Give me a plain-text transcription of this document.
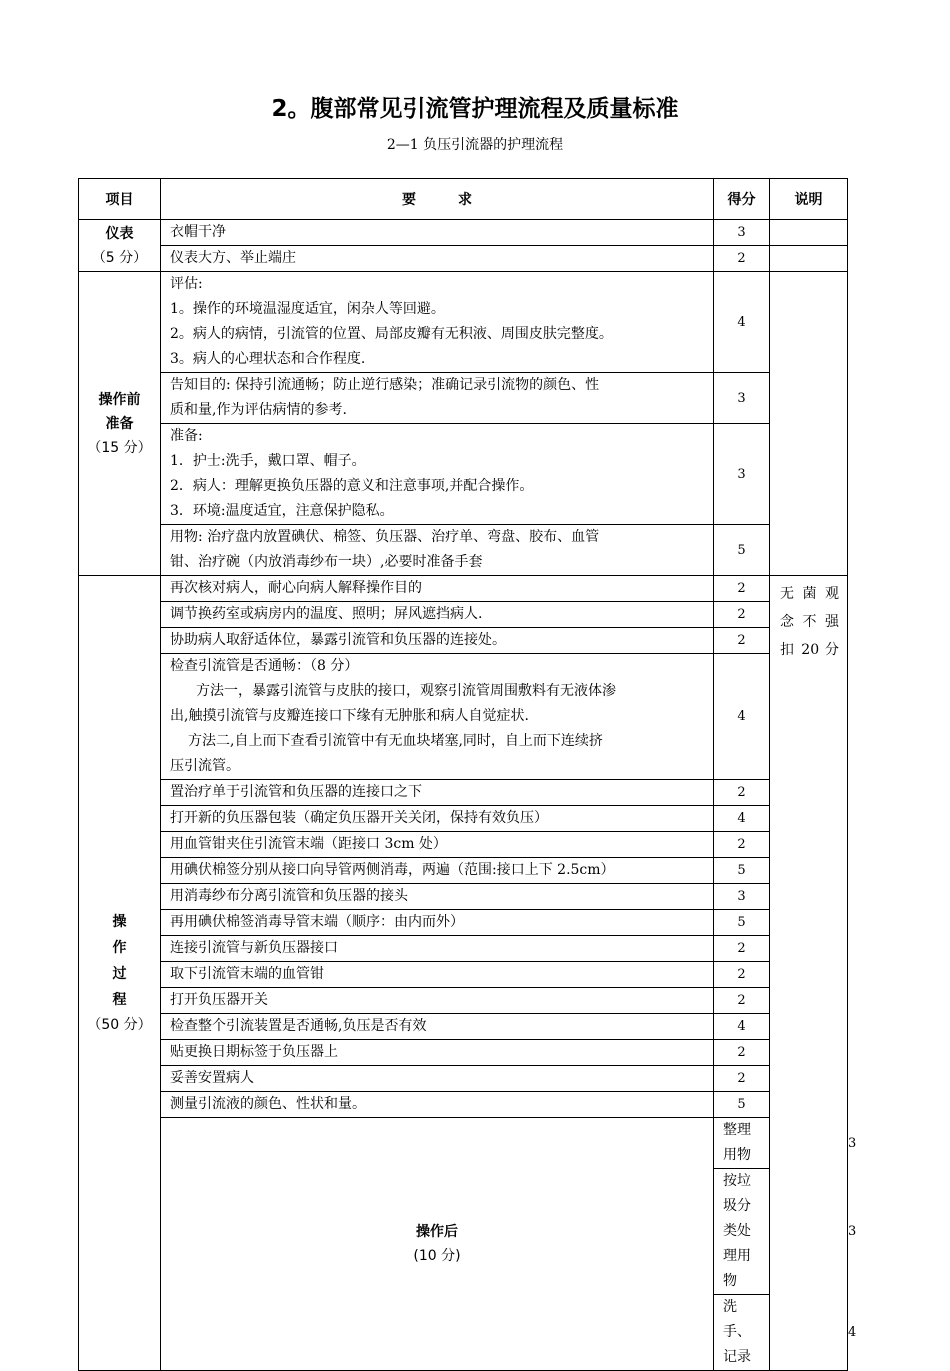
2。腹部常见引流管护理流程及质量标准
2—1 负压引流器的护理流程
项目	要　　　求	得分	说明	
仪表
（5 分）	衣帽干净	3		
	仪表大方、举止端庄	2		

操作前
准备
（15 分）	评估:
1。操作的环境温湿度适宜，闲杂人等回避。
2。病人的病情，引流管的位置、局部皮瓣有无积液、周围皮肤完整度。
3。病人的心理状态和合作程度.	4		

	告知目的: 保持引流通畅；防止逆行感染；准确记录引流物的颜色、性
质和量,作为评估病情的参考.	3		

	准备:
1．护士:洗手，戴口罩、帽子。
2．病人：理解更换负压器的意义和注意事项,并配合操作。
3．环境:温度适宜，注意保护隐私。	3		

	用物: 治疗盘内放置碘伏、棉签、负压器、治疗单、弯盘、胶布、血管
钳、治疗碗（内放消毒纱布一块）,必要时准备手套	5		

操
作
过
程
（50 分）	再次核对病人，耐心向病人解释操作目的	2	无 菌 观
念 不 强
扣 20 分	

	调节换药室或病房内的温度、照明；屏风遮挡病人.	2		
	协助病人取舒适体位，暴露引流管和负压器的连接处。	2		

	检查引流管是否通畅：（8 分）
方法一，暴露引流管与皮肤的接口，观察引流管周围敷料有无液体渗
出,触摸引流管与皮瓣连接口下缘有无肿胀和病人自觉症状.
方法二,自上而下查看引流管中有无血块堵塞,同时，自上而下连续挤
压引流管。	4		
	置治疗单于引流管和负压器的连接口之下	2		
	打开新的负压器包装（确定负压器开关关闭，保持有效负压）	4		
	用血管钳夹住引流管末端（距接口 3cm 处）	2		
	用碘伏棉签分别从接口向导管两侧消毒，两遍（范围:接口上下 2.5cm）	5		
	用消毒纱布分离引流管和负压器的接头	3		
	再用碘伏棉签消毒导管末端（顺序：由内而外）	5		
	连接引流管与新负压器接口	2		
	取下引流管末端的血管钳	2		
	打开负压器开关	2		
	检查整个引流装置是否通畅,负压是否有效	4		
	贴更换日期标签于负压器上	2		
	妥善安置病人	2		
	测量引流液的颜色、性状和量。	5		

	操作后
(10 分)	整理用物		3	
		按垃圾分类处理用物		3
		洗手、记录		4
